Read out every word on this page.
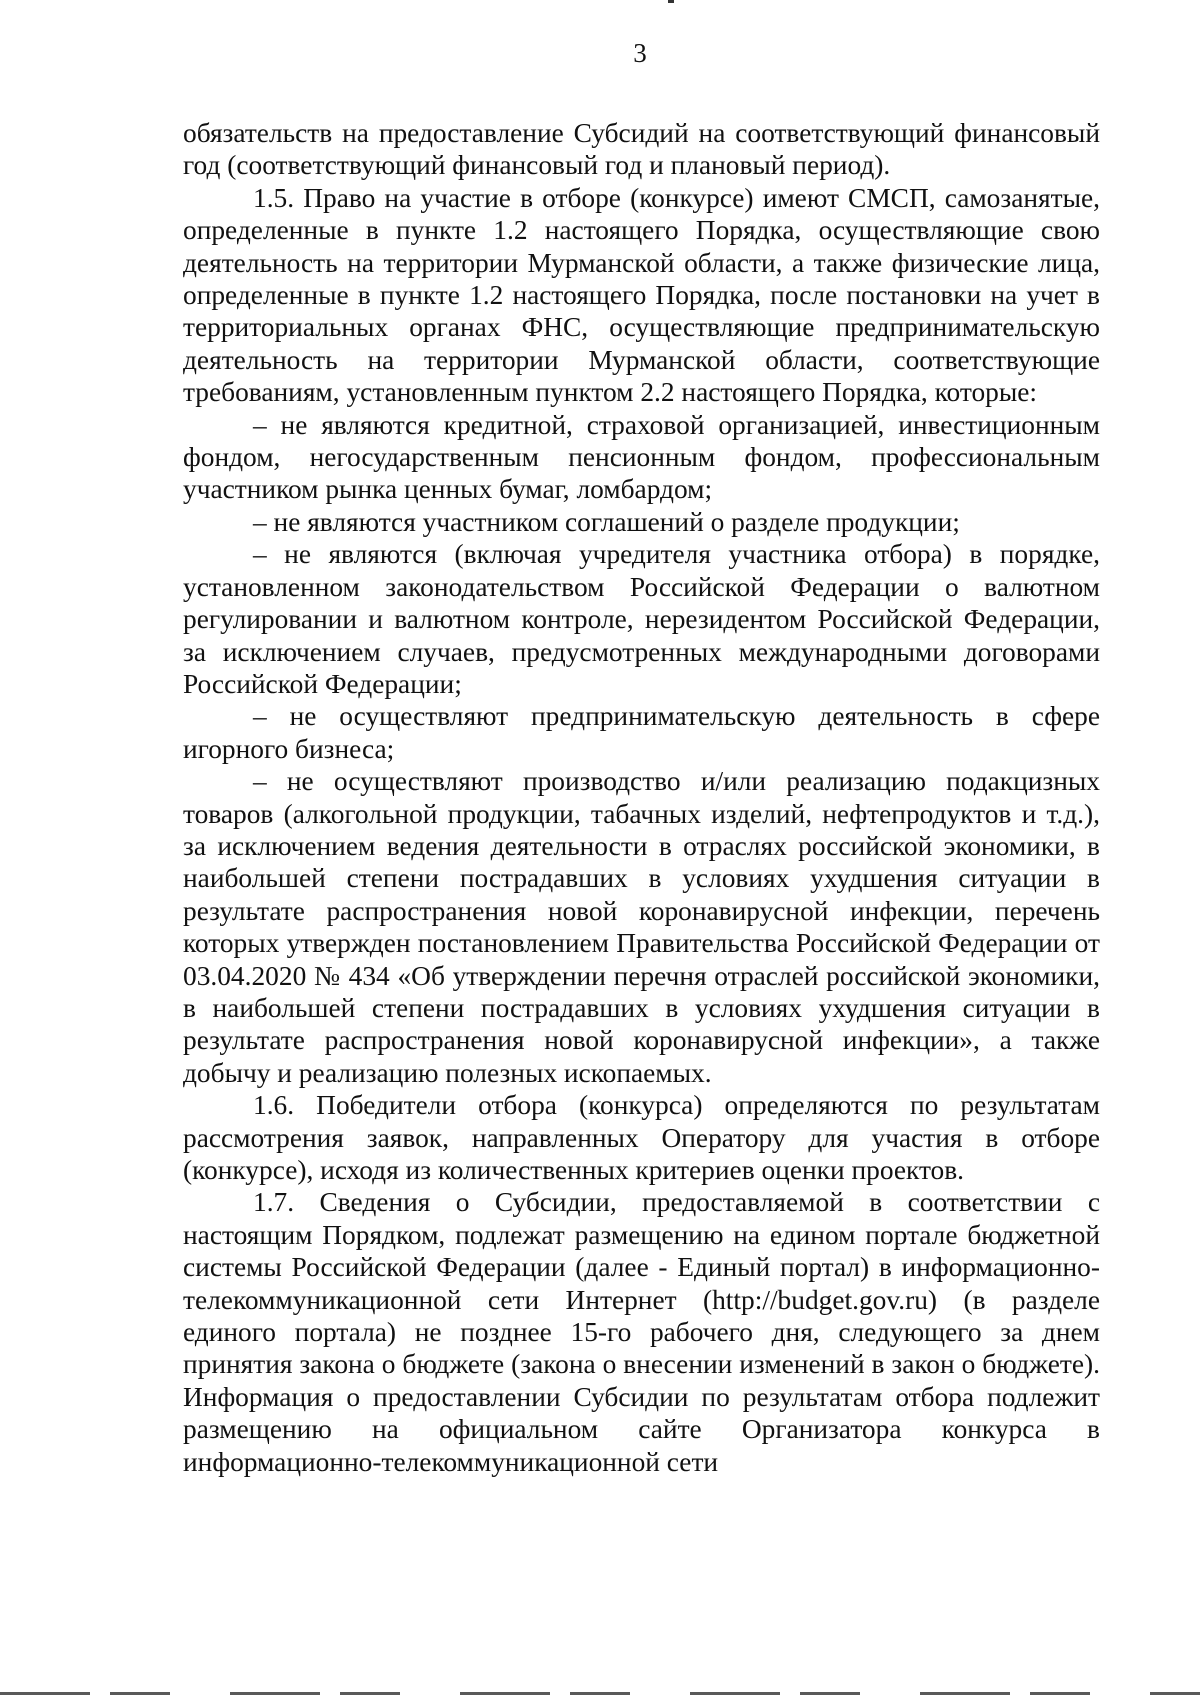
3

обязательств на предоставление Субсидий на соответствующий финансовый год (соответствующий финансовый год и плановый период).

1.5. Право на участие в отборе (конкурсе) имеют СМСП, самозанятые, определенные в пункте 1.2 настоящего Порядка, осуществляющие свою деятельность на территории Мурманской области, а также физические лица, определенные в пункте 1.2 настоящего Порядка, после постановки на учет в территориальных органах ФНС, осуществляющие предпринимательскую деятельность на территории Мурманской области, соответствующие требованиям, установленным пунктом 2.2 настоящего Порядка, которые:

– не являются кредитной, страховой организацией, инвестиционным фондом, негосударственным пенсионным фондом, профессиональным участником рынка ценных бумаг, ломбардом;

– не являются участником соглашений о разделе продукции;

– не являются (включая учредителя участника отбора) в порядке, установленном законодательством Российской Федерации о валютном регулировании и валютном контроле, нерезидентом Российской Федерации, за исключением случаев, предусмотренных международными договорами Российской Федерации;

– не осуществляют предпринимательскую деятельность в сфере игорного бизнеса;

– не осуществляют производство и/или реализацию подакцизных товаров (алкогольной продукции, табачных изделий, нефтепродуктов и т.д.), за исключением ведения деятельности в отраслях российской экономики, в наибольшей степени пострадавших в условиях ухудшения ситуации в результате распространения новой коронавирусной инфекции, перечень которых утвержден постановлением Правительства Российской Федерации от 03.04.2020 № 434 «Об утверждении перечня отраслей российской экономики, в наибольшей степени пострадавших в условиях ухудшения ситуации в результате распространения новой коронавирусной инфекции», а также добычу и реализацию полезных ископаемых.

1.6. Победители отбора (конкурса) определяются по результатам рассмотрения заявок, направленных Оператору для участия в отборе (конкурсе), исходя из количественных критериев оценки проектов.

1.7. Сведения о Субсидии, предоставляемой в соответствии с настоящим Порядком, подлежат размещению на едином портале бюджетной системы Российской Федерации (далее - Единый портал) в информационно-телекоммуникационной сети Интернет (http://budget.gov.ru) (в разделе единого портала) не позднее 15-го рабочего дня, следующего за днем принятия закона о бюджете (закона о внесении изменений в закон о бюджете). Информация о предоставлении Субсидии по результатам отбора подлежит размещению на официальном сайте Организатора конкурса в информационно-телекоммуникационной сети
